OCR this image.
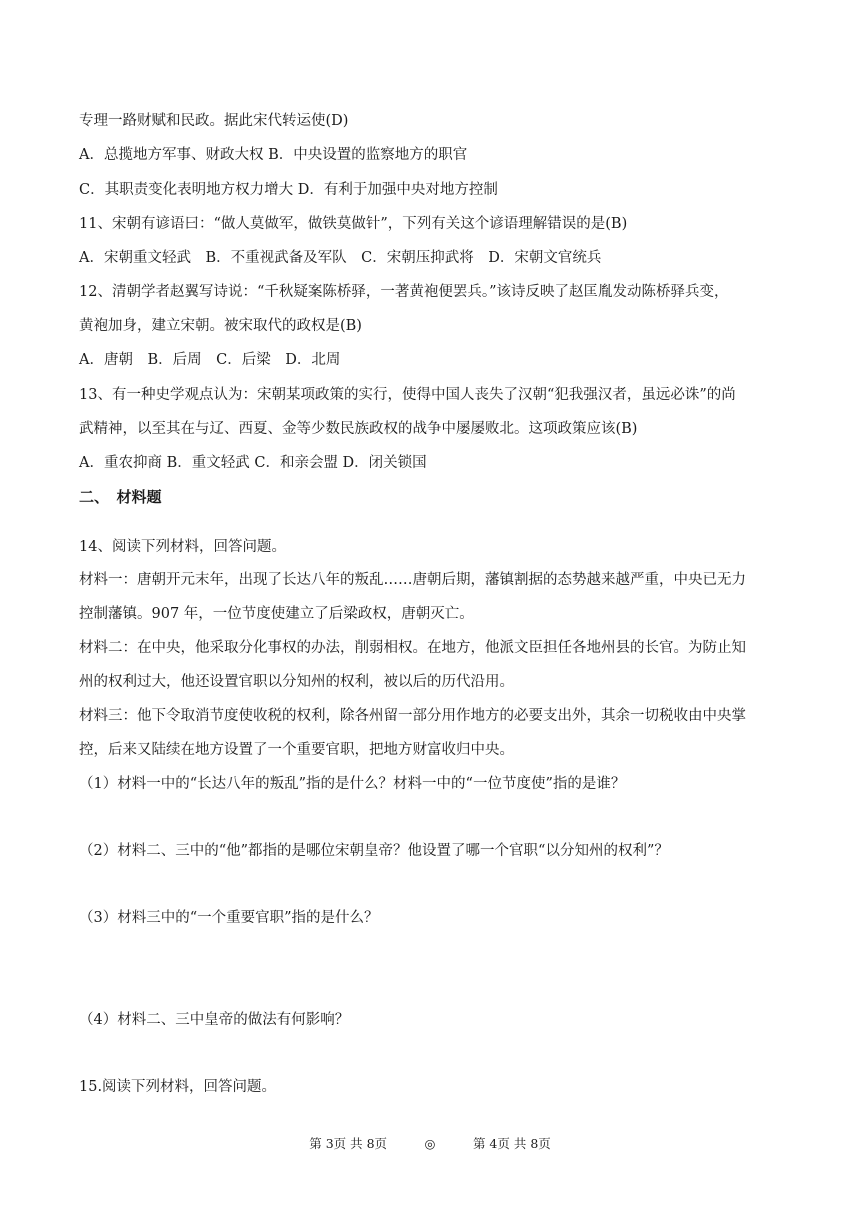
专理一路财赋和民政。据此宋代转运使(D)
A．总揽地方军事、财政大权 B．中央设置的监察地方的职官
C．其职责变化表明地方权力增大 D．有利于加强中央对地方控制
11、宋朝有谚语曰：“做人莫做军，做铁莫做针”，下列有关这个谚语理解错误的是(B)
A．宋朝重文轻武　B．不重视武备及军队　C．宋朝压抑武将　D．宋朝文官统兵
12、清朝学者赵翼写诗说：“千秋疑案陈桥驿，一著黄袍便罢兵。”该诗反映了赵匡胤发动陈桥驿兵变，
黄袍加身，建立宋朝。被宋取代的政权是(B)
A．唐朝　B．后周　C．后梁　D．北周
13、有一种史学观点认为：宋朝某项政策的实行，使得中国人丧失了汉朝“犯我强汉者，虽远必诛”的尚
武精神，以至其在与辽、西夏、金等少数民族政权的战争中屡屡败北。这项政策应该(B)
A．重农抑商 B．重文轻武 C．和亲会盟 D．闭关锁国
二、　材料题
14、阅读下列材料，回答问题。
材料一：唐朝开元末年，出现了长达八年的叛乱……唐朝后期，藩镇割据的态势越来越严重，中央已无力
控制藩镇。907 年，一位节度使建立了后梁政权，唐朝灭亡。
材料二：在中央，他采取分化事权的办法，削弱相权。在地方，他派文臣担任各地州县的长官。为防止知
州的权利过大，他还设置官职以分知州的权利，被以后的历代沿用。
材料三：他下令取消节度使收税的权利，除各州留一部分用作地方的必要支出外，其余一切税收由中央掌
控，后来又陆续在地方设置了一个重要官职，把地方财富收归中央。
（1）材料一中的“长达八年的叛乱”指的是什么？材料一中的“一位节度使”指的是谁？
（2）材料二、三中的“他”都指的是哪位宋朝皇帝？他设置了哪一个官职“以分知州的权利”？
（3）材料三中的“一个重要官职”指的是什么？
（4）材料二、三中皇帝的做法有何影响？
15.阅读下列材料，回答问题。
第 3页 共 8页　　　◎　　　第 4页 共 8页
